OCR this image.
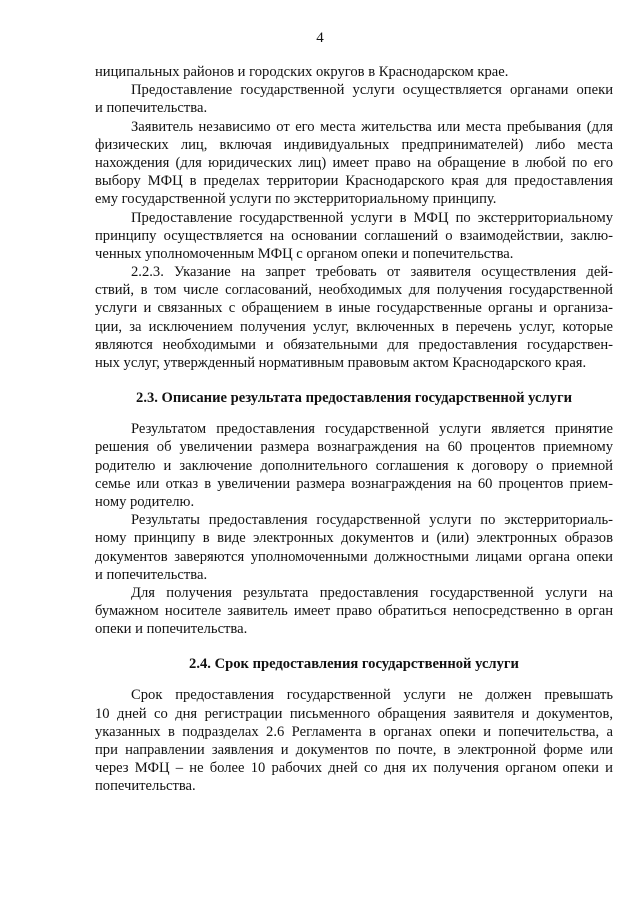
4
ниципальных районов и городских округов в Краснодарском крае.
Предоставление государственной услуги осуществляется органами опеки
и попечительства.
Заявитель независимо от его места жительства или места пребывания (для
физических лиц, включая индивидуальных предпринимателей) либо места
нахождения (для юридических лиц) имеет право на обращение в любой по его
выбору МФЦ в пределах территории Краснодарского края для предоставления
ему государственной услуги по экстерриториальному принципу.
Предоставление государственной услуги в МФЦ по экстерриториальному
принципу осуществляется на основании соглашений о взаимодействии, заклю-
ченных уполномоченным МФЦ с органом опеки и попечительства.
2.2.3. Указание на запрет требовать от заявителя осуществления дей-
ствий, в том числе согласований, необходимых для получения государственной
услуги и связанных с обращением в иные государственные органы и организа-
ции, за исключением получения услуг, включенных в перечень услуг, которые
являются необходимыми и обязательными для предоставления государствен-
ных услуг, утвержденный нормативным правовым актом Краснодарского края.
2.3. Описание результата предоставления государственной услуги
Результатом предоставления государственной услуги является принятие
решения об увеличении размера вознаграждения на 60 процентов приемному
родителю и заключение дополнительного соглашения к договору о приемной
семье или отказ в увеличении размера вознаграждения на 60 процентов прием-
ному родителю.
Результаты предоставления государственной услуги по экстерриториаль-
ному принципу в виде электронных документов и (или) электронных образов
документов заверяются уполномоченными должностными лицами органа опеки
и попечительства.
Для получения результата предоставления государственной услуги на
бумажном носителе заявитель имеет право обратиться непосредственно в орган
опеки и попечительства.
2.4. Срок предоставления государственной услуги
Срок предоставления государственной услуги не должен превышать
10 дней со дня регистрации письменного обращения заявителя и документов,
указанных в подразделах 2.6 Регламента в органах опеки и попечительства, а
при направлении заявления и документов по почте, в электронной форме или
через МФЦ – не более 10 рабочих дней со дня их получения органом опеки и
попечительства.
